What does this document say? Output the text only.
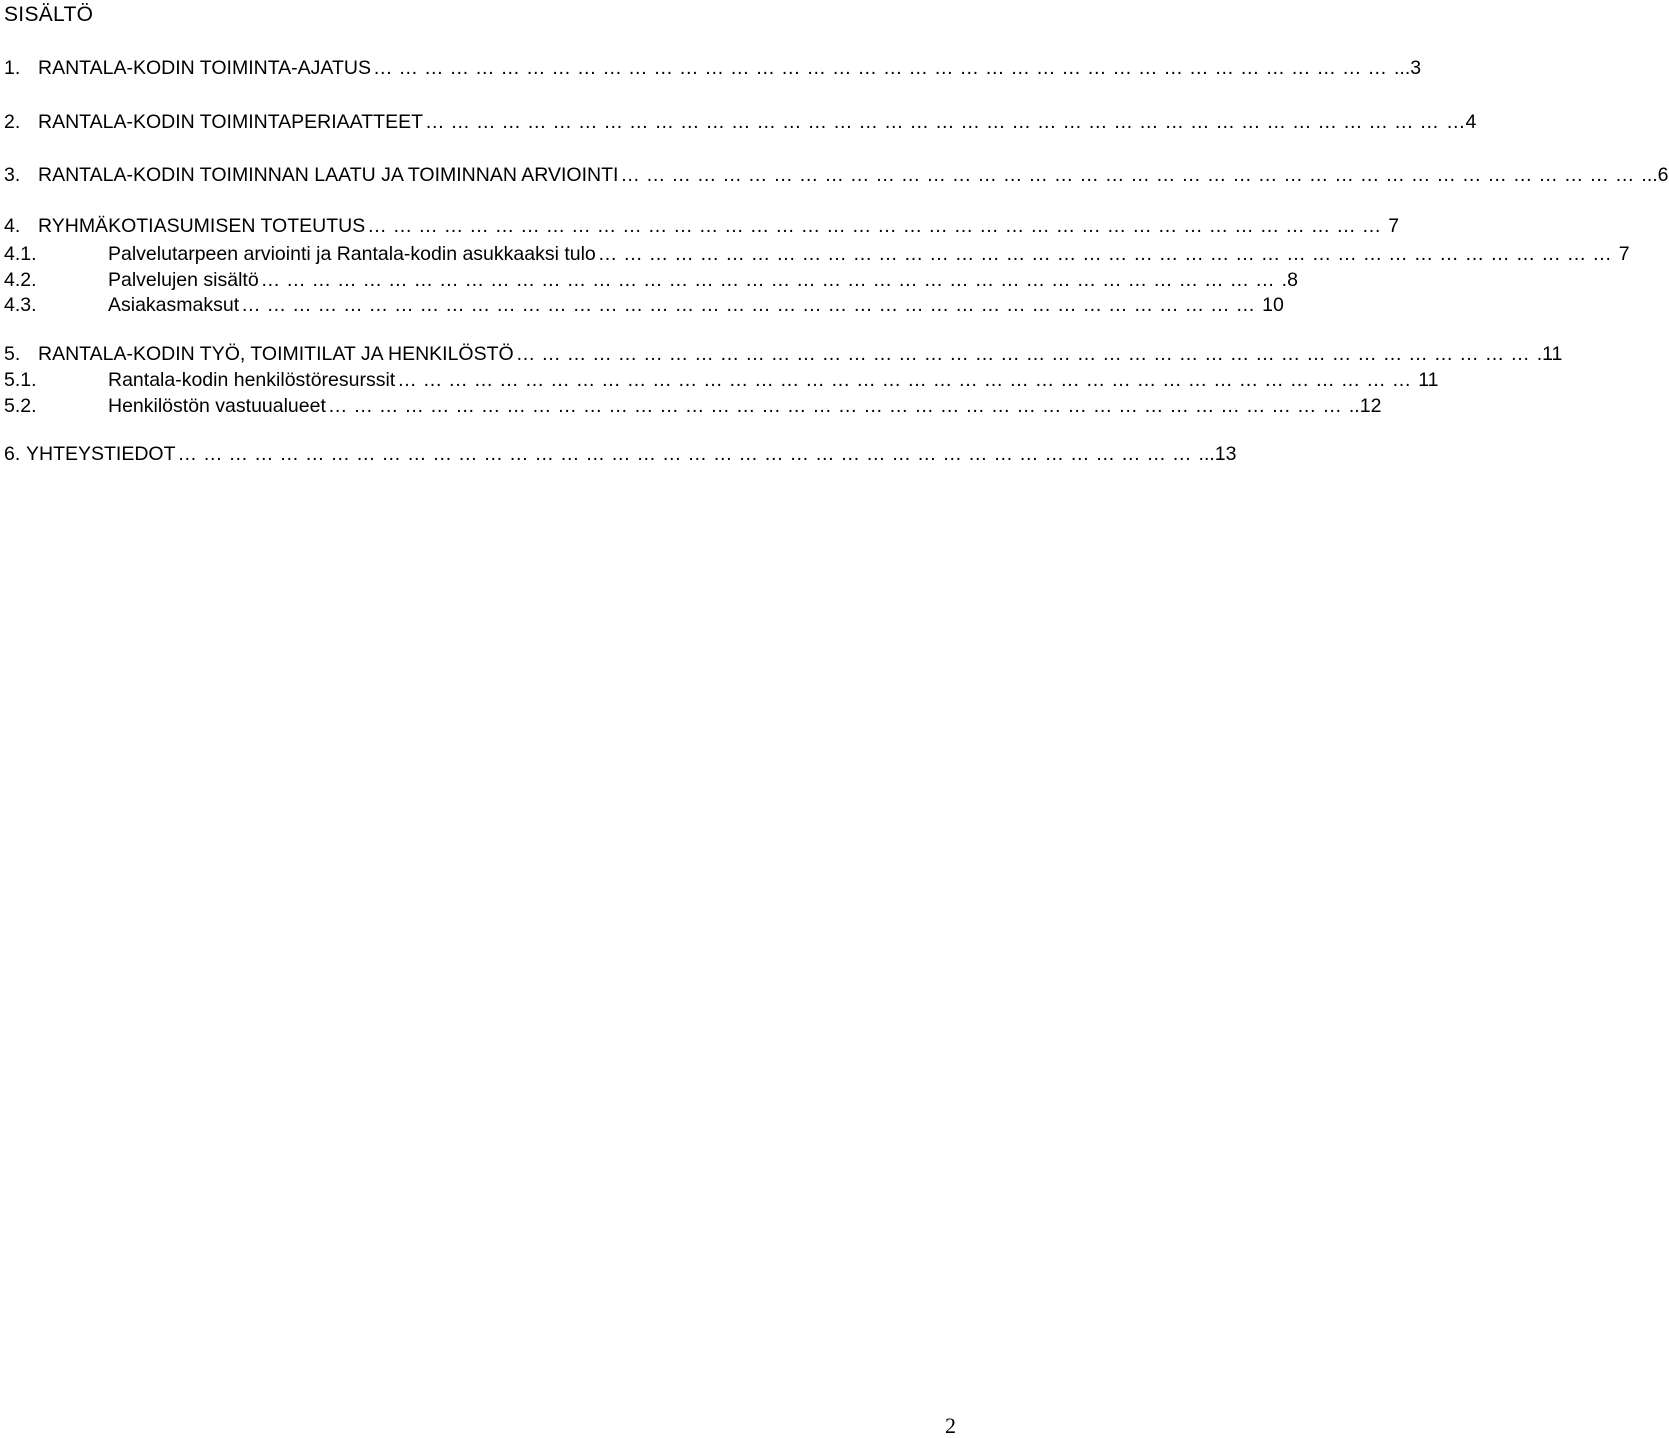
SISÄLTÖ
1. RANTALA-KODIN TOIMINTA-AJATUS ………………………………………………………………………………………………………… ...3
2. RANTALA-KODIN TOIMINTAPERIAATTEET ………………………………………………………………………………………………………… …4
3. RANTALA-KODIN TOIMINNAN LAATU JA TOIMINNAN ARVIOINTI ………………………………………………………………………………………………………… ...6
4. RYHMÄKOTIASUMISEN TOTEUTUS ………………………………………………………………………………………………………… 7
4.1.	Palvelutarpeen arviointi ja Rantala-kodin asukkaaksi tulo ………………………………………………………………………………………………………… 7
4.2.	Palvelujen sisältö ………………………………………………………………………………………………………… .8
4.3.	Asiakasmaksut ………………………………………………………………………………………………………… 10
5. RANTALA-KODIN TYÖ, TOIMITILAT JA HENKILÖSTÖ ………………………………………………………………………………………………………… .11
5.1.	Rantala-kodin henkilöstöresurssit ………………………………………………………………………………………………………… 11
5.2.	Henkilöstön vastuualueet ………………………………………………………………………………………………………… ..12
6. YHTEYSTIEDOT ………………………………………………………………………………………………………… ...13
2
